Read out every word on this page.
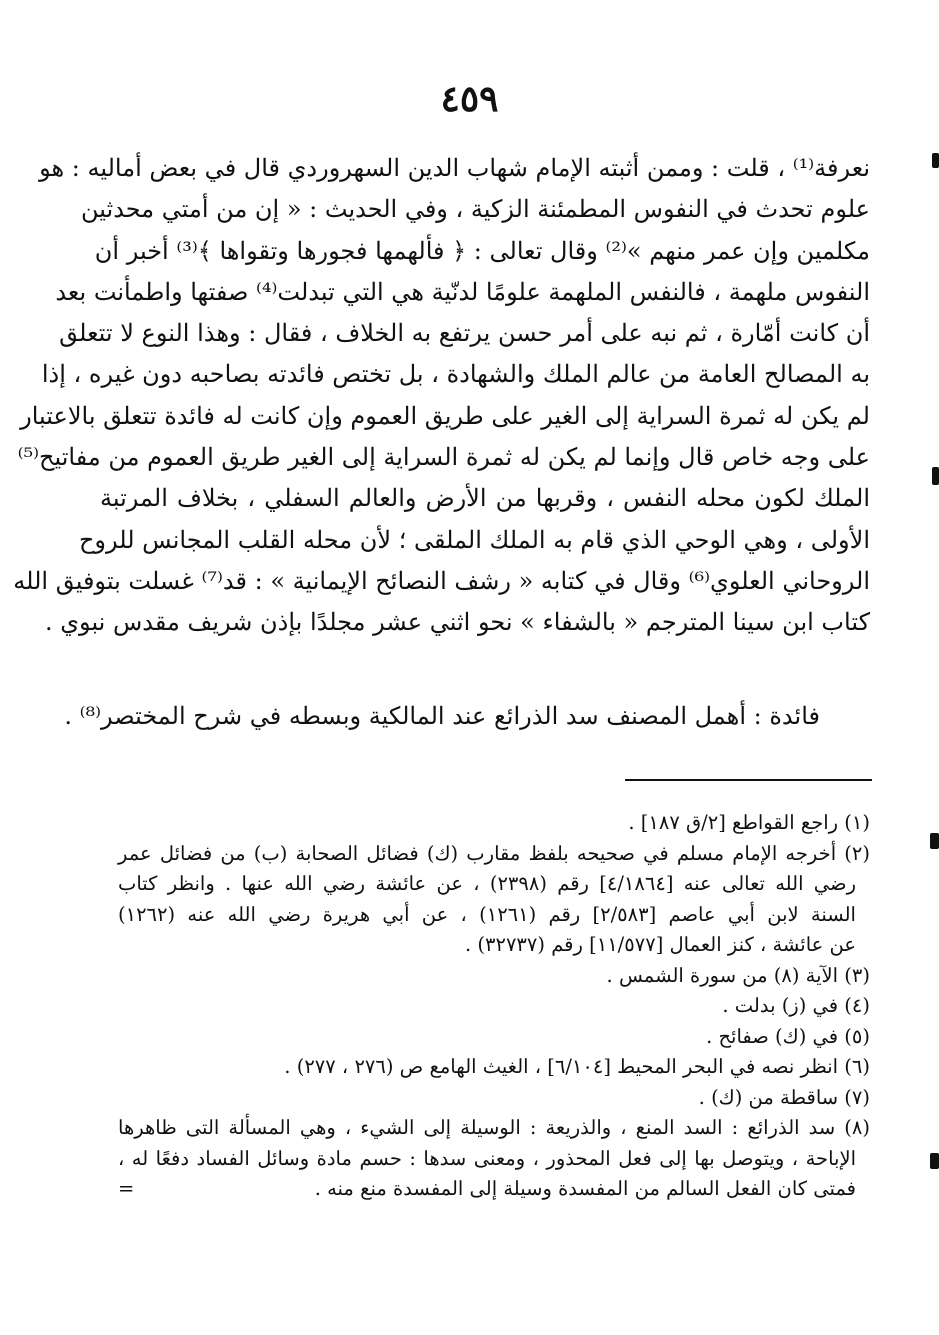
٤٥٩
نعرفة⁽¹⁾ ، قلت : وممن أثبته الإمام شهاب الدين السهروردي قال في بعض أماليه : هو
علوم تحدث في النفوس المطمئنة الزكية ، وفي الحديث : « إن من أمتي محدثين
مكلمين وإن عمر منهم »⁽²⁾ وقال تعالى : ﴿ فألهمها فجورها وتقواها ﴾⁽³⁾ أخبر أن
النفوس ملهمة ، فالنفس الملهمة علومًا لدنّية هي التي تبدلت⁽⁴⁾ صفتها واطمأنت بعد
أن كانت أمّارة ، ثم نبه على أمر حسن يرتفع به الخلاف ، فقال : وهذا النوع لا تتعلق
به المصالح العامة من عالم الملك والشهادة ، بل تختص فائدته بصاحبه دون غيره ، إذا
لم يكن له ثمرة السراية إلى الغير على طريق العموم وإن كانت له فائدة تتعلق بالاعتبار
على وجه خاص قال وإنما لم يكن له ثمرة السراية إلى الغير طريق العموم من مفاتيح⁽⁵⁾
الملك لكون محله النفس ، وقربها من الأرض والعالم السفلي ، بخلاف المرتبة
الأولى ، وهي الوحي الذي قام به الملك الملقى ؛ لأن محله القلب المجانس للروح
الروحاني العلوي⁽⁶⁾ وقال في كتابه « رشف النصائح الإيمانية » : قد⁽⁷⁾ غسلت بتوفيق الله
كتاب ابن سينا المترجم « بالشفاء » نحو اثني عشر مجلدًا بإذن شريف مقدس نبوي .
فائدة : أهمل المصنف سد الذرائع عند المالكية وبسطه في شرح المختصر⁽⁸⁾ .
(١) راجع القواطع [٢/ق ١٨٧] .
(٢) أخرجه الإمام مسلم في صحيحه بلفظ مقارب (ك) فضائل الصحابة (ب) من فضائل عمر
رضي الله تعالى عنه [٤/١٨٦٤] رقم (٢٣٩٨) ، عن عائشة رضي الله عنها . وانظر كتاب
السنة لابن أبي عاصم [٢/٥٨٣] رقم (١٢٦١) ، عن أبي هريرة رضي الله عنه (١٢٦٢)
عن عائشة ، كنز العمال [١١/٥٧٧] رقم (٣٢٧٣٧) .
(٣) الآية (٨) من سورة الشمس .
(٤) في (ز) بدلت .
(٥) في (ك) صفائح .
(٦) انظر نصه في البحر المحيط [٦/١٠٤] ، الغيث الهامع ص (٢٧٦ ، ٢٧٧) .
(٧) ساقطة من (ك) .
(٨) سد الذرائع : السد المنع ، والذريعة : الوسيلة إلى الشيء ، وهي المسألة التى ظاهرها
الإباحة ، ويتوصل بها إلى فعل المحذور ، ومعنى سدها : حسم مادة وسائل الفساد دفعًا له ،
فمتى كان الفعل السالم من المفسدة وسيلة إلى المفسدة منع منه .
=
